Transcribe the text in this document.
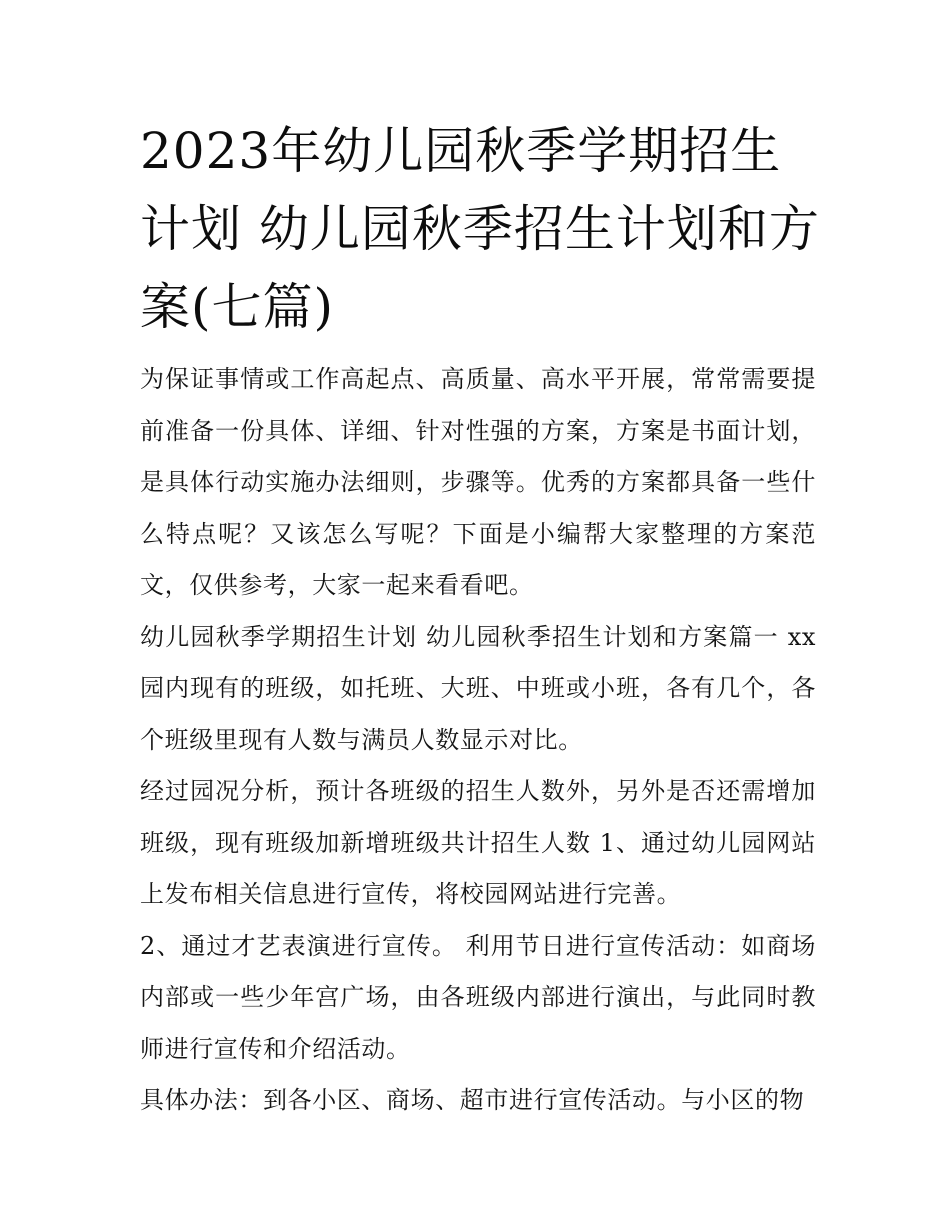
2023年幼儿园秋季学期招生计划 幼儿园秋季招生计划和方案(七篇)

为保证事情或工作高起点、高质量、高水平开展，常常需要提前准备一份具体、详细、针对性强的方案，方案是书面计划，是具体行动实施办法细则，步骤等。优秀的方案都具备一些什么特点呢？又该怎么写呢？下面是小编帮大家整理的方案范文，仅供参考，大家一起来看看吧。

幼儿园秋季学期招生计划 幼儿园秋季招生计划和方案篇一 xx园内现有的班级，如托班、大班、中班或小班，各有几个，各个班级里现有人数与满员人数显示对比。

经过园况分析，预计各班级的招生人数外，另外是否还需增加班级，现有班级加新增班级共计招生人数 1、通过幼儿园网站上发布相关信息进行宣传，将校园网站进行完善。

2、通过才艺表演进行宣传。 利用节日进行宣传活动：如商场内部或一些少年宫广场，由各班级内部进行演出，与此同时教师进行宣传和介绍活动。

具体办法：到各小区、商场、超市进行宣传活动。与小区的物
